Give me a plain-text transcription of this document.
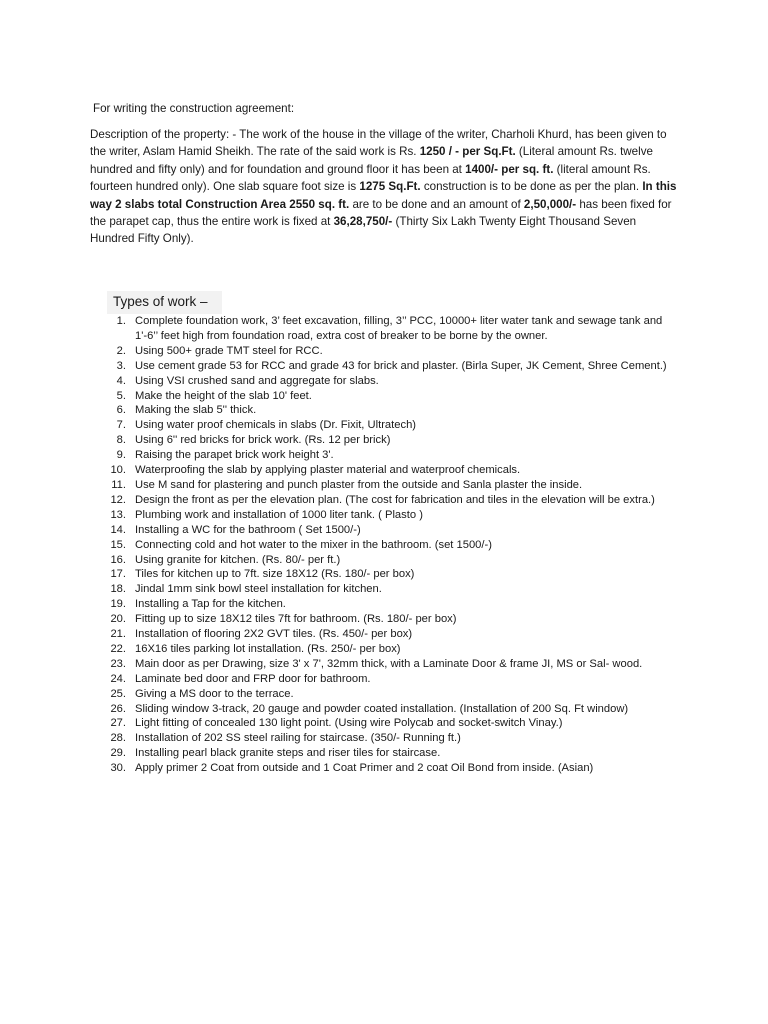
For writing the construction agreement:

Description of the property: - The work of the house in the village of the writer, Charholi Khurd, has been given to the writer, Aslam Hamid Sheikh. The rate of the said work is Rs. 1250 / - per Sq.Ft. (Literal amount Rs. twelve hundred and fifty only) and for foundation and ground floor it has been at 1400/- per sq. ft. (literal amount Rs. fourteen hundred only). One slab square foot size is 1275 Sq.Ft. construction is to be done as per the plan. In this way 2 slabs total Construction Area 2550 sq. ft. are to be done and an amount of 2,50,000/- has been fixed for the parapet cap, thus the entire work is fixed at 36,28,750/- (Thirty Six Lakh Twenty Eight Thousand Seven Hundred Fifty Only).

Types of work –
1. Complete foundation work, 3’ feet excavation, filling, 3’’ PCC, 10000+ liter water tank and sewage tank and 1'-6’’ feet high from foundation road, extra cost of breaker to be borne by the owner.
2. Using 500+ grade TMT steel for RCC.
3. Use cement grade 53 for RCC and grade 43 for brick and plaster. (Birla Super, JK Cement, Shree Cement.)
4. Using VSI crushed sand and aggregate for slabs.
5. Make the height of the slab 10' feet.
6. Making the slab 5'' thick.
7. Using water proof chemicals in slabs (Dr. Fixit, Ultratech)
8. Using 6'' red bricks for brick work. (Rs. 12 per brick)
9. Raising the parapet brick work height 3'.
10. Waterproofing the slab by applying plaster material and waterproof chemicals.
11. Use M sand for plastering and punch plaster from the outside and Sanla plaster the inside.
12. Design the front as per the elevation plan. (The cost for fabrication and tiles in the elevation will be extra.)
13. Plumbing work and installation of 1000 liter tank. ( Plasto )
14. Installing a WC for the bathroom ( Set 1500/-)
15. Connecting cold and hot water to the mixer in the bathroom. (set 1500/-)
16. Using granite for kitchen. (Rs. 80/- per ft.)
17. Tiles for kitchen up to 7ft. size 18X12 (Rs. 180/- per box)
18. Jindal 1mm sink bowl steel installation for kitchen.
19. Installing a Tap for the kitchen.
20. Fitting up to size 18X12 tiles 7ft for bathroom. (Rs. 180/- per box)
21. Installation of flooring 2X2 GVT tiles. (Rs. 450/- per box)
22. 16X16 tiles parking lot installation. (Rs. 250/- per box)
23. Main door as per Drawing, size 3' x 7', 32mm thick, with a Laminate Door & frame JI, MS or Sal- wood.
24. Laminate bed door and FRP door for bathroom.
25. Giving a MS door to the terrace.
26. Sliding window 3-track, 20 gauge and powder coated installation. (Installation of 200 Sq. Ft window)
27. Light fitting of concealed 130 light point. (Using wire Polycab and socket-switch Vinay.)
28. Installation of 202 SS steel railing for staircase. (350/- Running ft.)
29. Installing pearl black granite steps and riser tiles for staircase.
30. Apply primer 2 Coat from outside and 1 Coat Primer and 2 coat Oil Bond from inside. (Asian)
